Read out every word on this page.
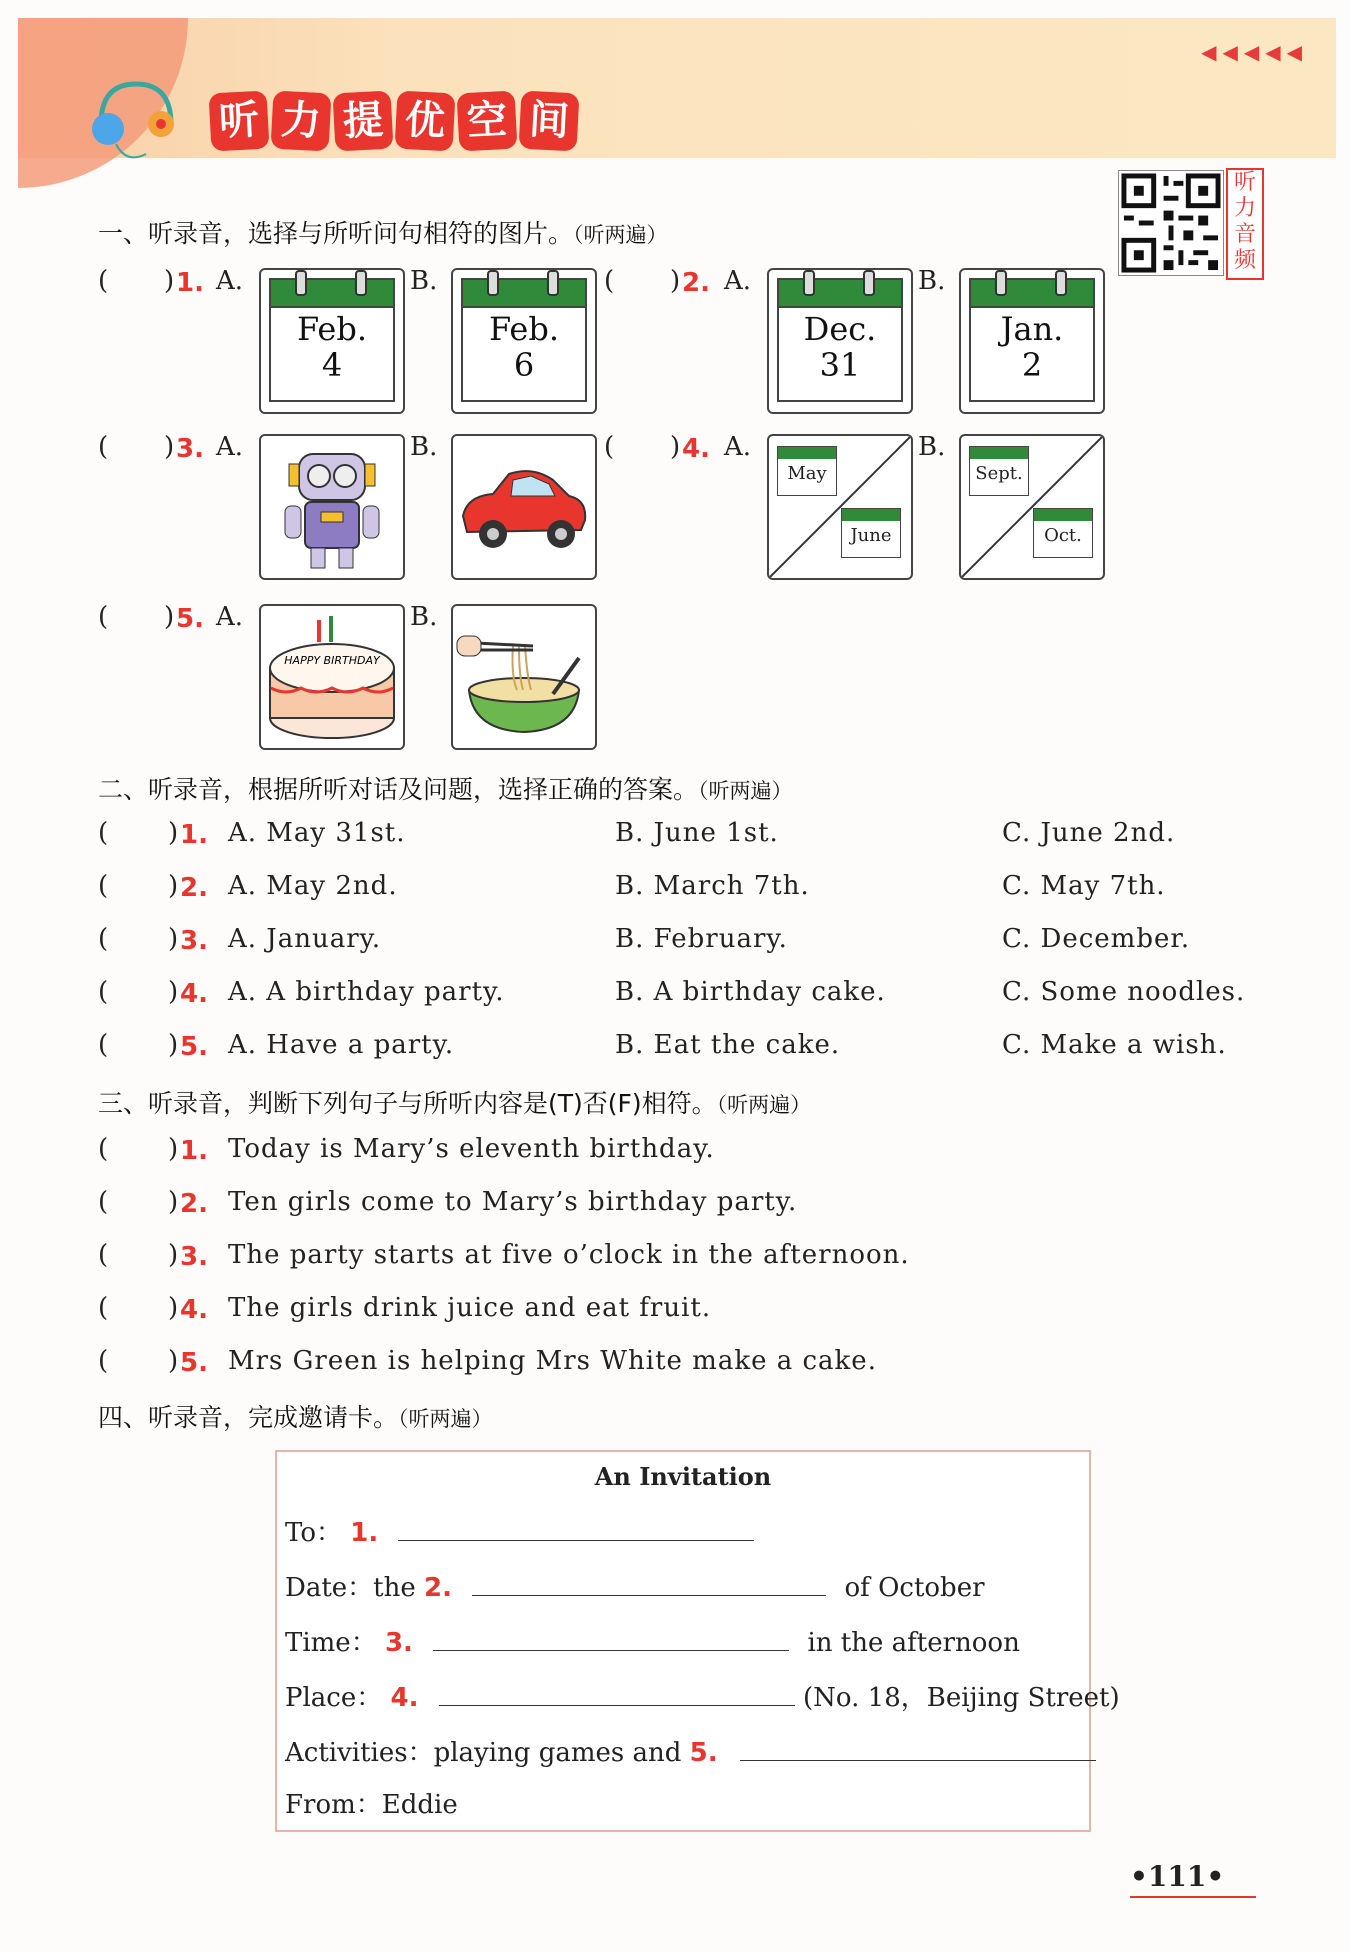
◀◀◀◀◀
听 力 提 优 空 间
听力音频
一、听录音，选择与所听问句相符的图片。（听两遍）
( ) 1. A.
Feb.
4
B.
Feb.
6
( ) 2. A.
Dec.
31
B.
Jan.
2
( ) 3. A.	B.	( ) 4. A.
May
June
B.
Sept.
Oct.
( ) 5. A.
HAPPY BIRTHDAY
B.
二、听录音，根据所听对话及问题，选择正确的答案。（听两遍）
( ) 1. A. May 31st.	B. June 1st.	C. June 2nd.
( ) 2. A. May 2nd.	B. March 7th.	C. May 7th.
( ) 3. A. January.	B. February.	C. December.
( ) 4. A. A birthday party.	B. A birthday cake.	C. Some noodles.
( ) 5. A. Have a party.	B. Eat the cake.	C. Make a wish.
三、听录音，判断下列句子与所听内容是(T)否(F)相符。（听两遍）
( ) 1. Today is Mary’s eleventh birthday.
( ) 2. Ten girls come to Mary’s birthday party.
( ) 3. The party starts at five o’clock in the afternoon.
( ) 4. The girls drink juice and eat fruit.
( ) 5. Mrs Green is helping Mrs White make a cake.
四、听录音，完成邀请卡。（听两遍）
An Invitation
To： 1.
Date：the 2.	of October
Time： 3.	in the afternoon
Place： 4.	(No. 18，Beijing Street)
Activities：playing games and 5.
From：Eddie
•111•
